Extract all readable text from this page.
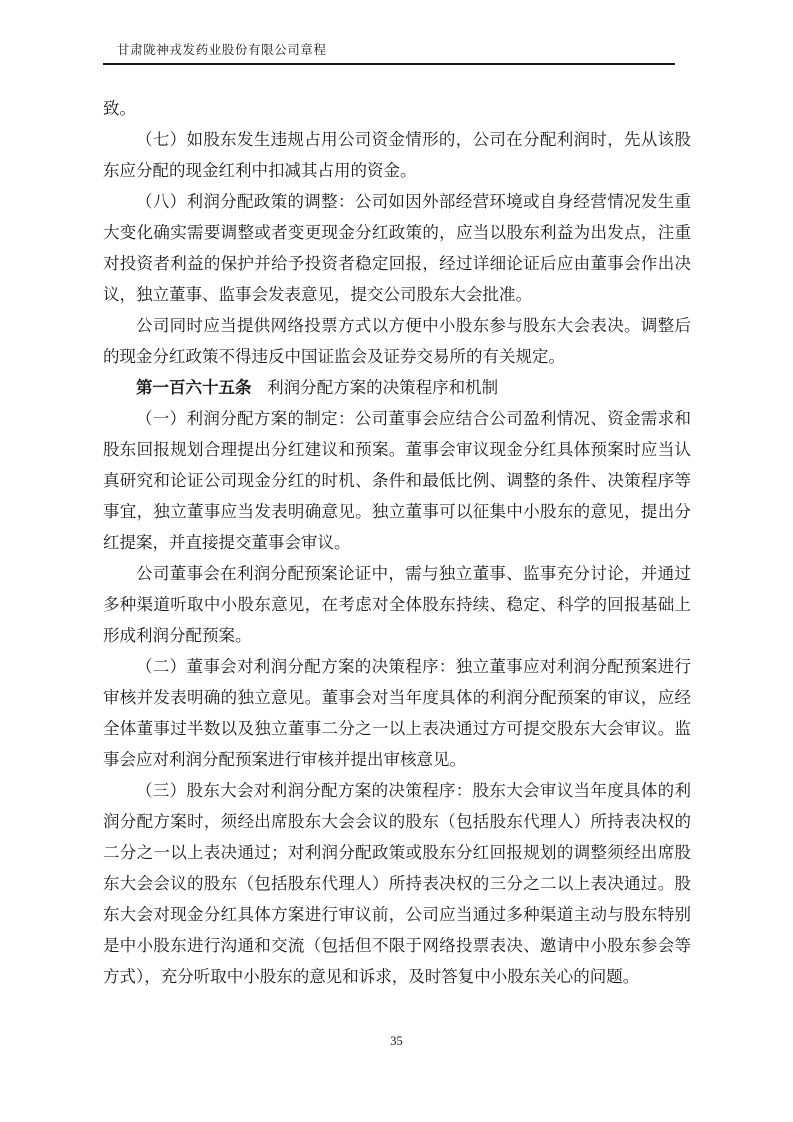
甘肃陇神戎发药业股份有限公司章程

致。

（七）如股东发生违规占用公司资金情形的，公司在分配利润时，先从该股东应分配的现金红利中扣减其占用的资金。

（八）利润分配政策的调整：公司如因外部经营环境或自身经营情况发生重大变化确实需要调整或者变更现金分红政策的，应当以股东利益为出发点，注重对投资者利益的保护并给予投资者稳定回报，经过详细论证后应由董事会作出决议，独立董事、监事会发表意见，提交公司股东大会批准。

公司同时应当提供网络投票方式以方便中小股东参与股东大会表决。调整后的现金分红政策不得违反中国证监会及证券交易所的有关规定。

第一百六十五条 利润分配方案的决策程序和机制

（一）利润分配方案的制定：公司董事会应结合公司盈利情况、资金需求和股东回报规划合理提出分红建议和预案。董事会审议现金分红具体预案时应当认真研究和论证公司现金分红的时机、条件和最低比例、调整的条件、决策程序等事宜，独立董事应当发表明确意见。独立董事可以征集中小股东的意见，提出分红提案，并直接提交董事会审议。

公司董事会在利润分配预案论证中，需与独立董事、监事充分讨论，并通过多种渠道听取中小股东意见，在考虑对全体股东持续、稳定、科学的回报基础上形成利润分配预案。

（二）董事会对利润分配方案的决策程序：独立董事应对利润分配预案进行审核并发表明确的独立意见。董事会对当年度具体的利润分配预案的审议，应经全体董事过半数以及独立董事二分之一以上表决通过方可提交股东大会审议。监事会应对利润分配预案进行审核并提出审核意见。

（三）股东大会对利润分配方案的决策程序：股东大会审议当年度具体的利润分配方案时，须经出席股东大会会议的股东（包括股东代理人）所持表决权的二分之一以上表决通过；对利润分配政策或股东分红回报规划的调整须经出席股东大会会议的股东（包括股东代理人）所持表决权的三分之二以上表决通过。股东大会对现金分红具体方案进行审议前，公司应当通过多种渠道主动与股东特别是中小股东进行沟通和交流（包括但不限于网络投票表决、邀请中小股东参会等方式），充分听取中小股东的意见和诉求，及时答复中小股东关心的问题。

35
